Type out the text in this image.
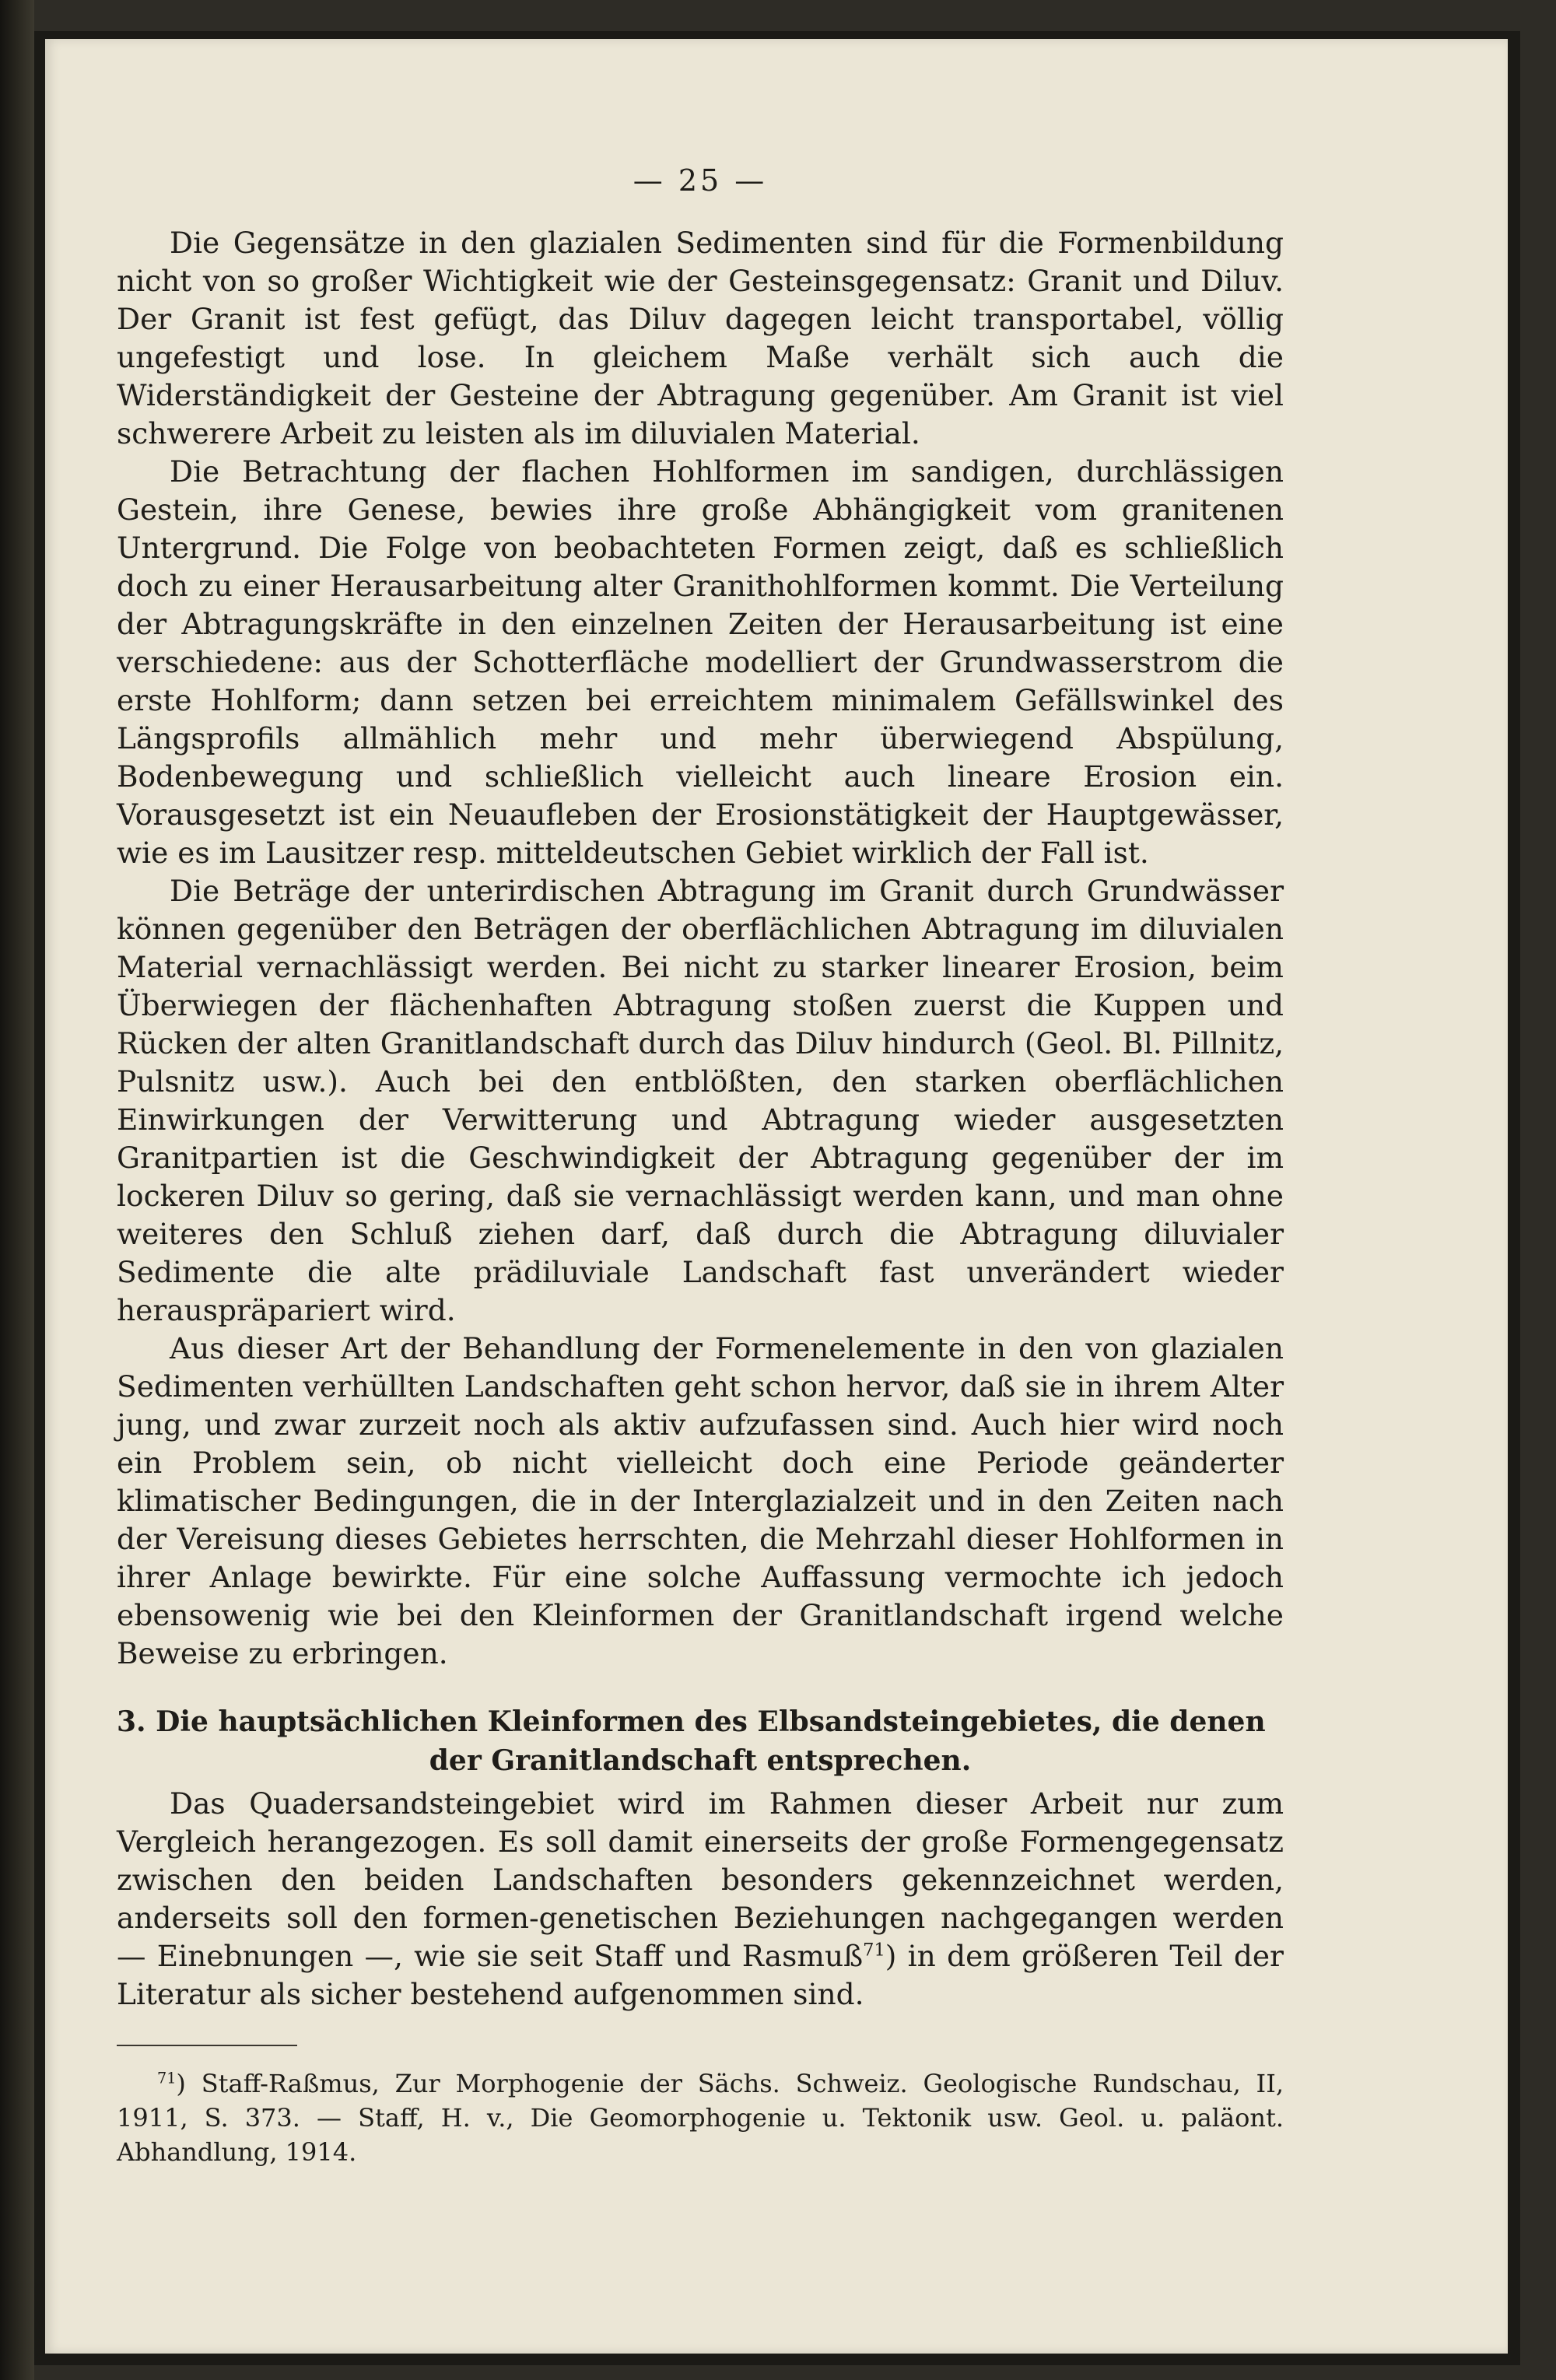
— 25 —

Die Gegensätze in den glazialen Sedimenten sind für die Formenbildung nicht von so großer Wichtigkeit wie der Gesteinsgegensatz: Granit und Diluv. Der Granit ist fest gefügt, das Diluv dagegen leicht transportabel, völlig ungefestigt und lose. In gleichem Maße verhält sich auch die Widerständigkeit der Gesteine der Abtragung gegenüber. Am Granit ist viel schwerere Arbeit zu leisten als im diluvialen Material.

Die Betrachtung der flachen Hohlformen im sandigen, durchlässigen Gestein, ihre Genese, bewies ihre große Abhängigkeit vom granitenen Untergrund. Die Folge von beobachteten Formen zeigt, daß es schließlich doch zu einer Herausarbeitung alter Granithohlformen kommt. Die Verteilung der Abtragungskräfte in den einzelnen Zeiten der Herausarbeitung ist eine verschiedene: aus der Schotterfläche modelliert der Grundwasserstrom die erste Hohlform; dann setzen bei erreichtem minimalem Gefällswinkel des Längsprofils allmählich mehr und mehr überwiegend Abspülung, Bodenbewegung und schließlich vielleicht auch lineare Erosion ein. Vorausgesetzt ist ein Neuaufleben der Erosionstätigkeit der Hauptgewässer, wie es im Lausitzer resp. mitteldeutschen Gebiet wirklich der Fall ist.

Die Beträge der unterirdischen Abtragung im Granit durch Grundwässer können gegenüber den Beträgen der oberflächlichen Abtragung im diluvialen Material vernachlässigt werden. Bei nicht zu starker linearer Erosion, beim Überwiegen der flächenhaften Abtragung stoßen zuerst die Kuppen und Rücken der alten Granitlandschaft durch das Diluv hindurch (Geol. Bl. Pillnitz, Pulsnitz usw.). Auch bei den entblößten, den starken oberflächlichen Einwirkungen der Verwitterung und Abtragung wieder ausgesetzten Granitpartien ist die Geschwindigkeit der Abtragung gegenüber der im lockeren Diluv so gering, daß sie vernachlässigt werden kann, und man ohne weiteres den Schluß ziehen darf, daß durch die Abtragung diluvialer Sedimente die alte prädiluviale Landschaft fast unverändert wieder herauspräpariert wird.

Aus dieser Art der Behandlung der Formenelemente in den von glazialen Sedimenten verhüllten Landschaften geht schon hervor, daß sie in ihrem Alter jung, und zwar zurzeit noch als aktiv aufzufassen sind. Auch hier wird noch ein Problem sein, ob nicht vielleicht doch eine Periode geänderter klimatischer Bedingungen, die in der Interglazialzeit und in den Zeiten nach der Vereisung dieses Gebietes herrschten, die Mehrzahl dieser Hohlformen in ihrer Anlage bewirkte. Für eine solche Auffassung vermochte ich jedoch ebensowenig wie bei den Kleinformen der Granitlandschaft irgend welche Beweise zu erbringen.

3. Die hauptsächlichen Kleinformen des Elbsandsteingebietes, die denen
der Granitlandschaft entsprechen.

Das Quadersandsteingebiet wird im Rahmen dieser Arbeit nur zum Vergleich herangezogen. Es soll damit einerseits der große Formengegensatz zwischen den beiden Landschaften besonders gekennzeichnet werden, anderseits soll den formen-genetischen Beziehungen nachgegangen werden — Einebnungen —, wie sie seit Staff und Rasmuß$^{71}$) in dem größeren Teil der Literatur als sicher bestehend aufgenommen sind.

$^{71}$) Staff-Raßmus, Zur Morphogenie der Sächs. Schweiz. Geologische Rundschau, II, 1911, S. 373. — Staff, H. v., Die Geomorphogenie u. Tektonik usw. Geol. u. paläont. Abhandlung, 1914.
